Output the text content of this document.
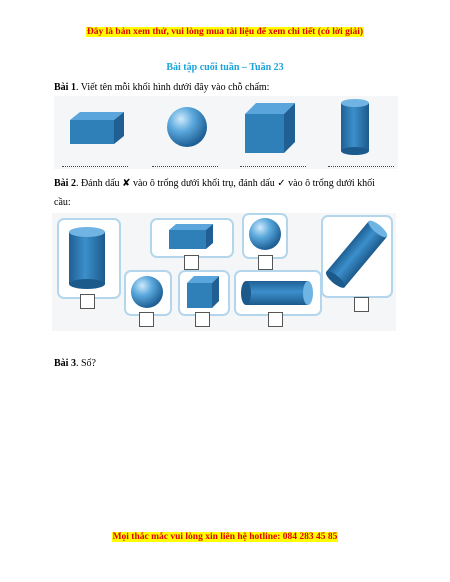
Đây là bản xem thử, vui lòng mua tài liệu để xem chi tiết (có lời giải)
Bài tập cuối tuần – Tuần 23
Bài 1. Viết tên mỗi khối hình dưới đây vào chỗ chấm:
Bài 2. Đánh dấu ✘ vào ô trống dưới khối trụ, đánh dấu ✓ vào ô trống dưới khối cầu:
Bài 3. Số?
Mọi thắc mắc vui lòng xin liên hệ hotline: 084 283 45 85
